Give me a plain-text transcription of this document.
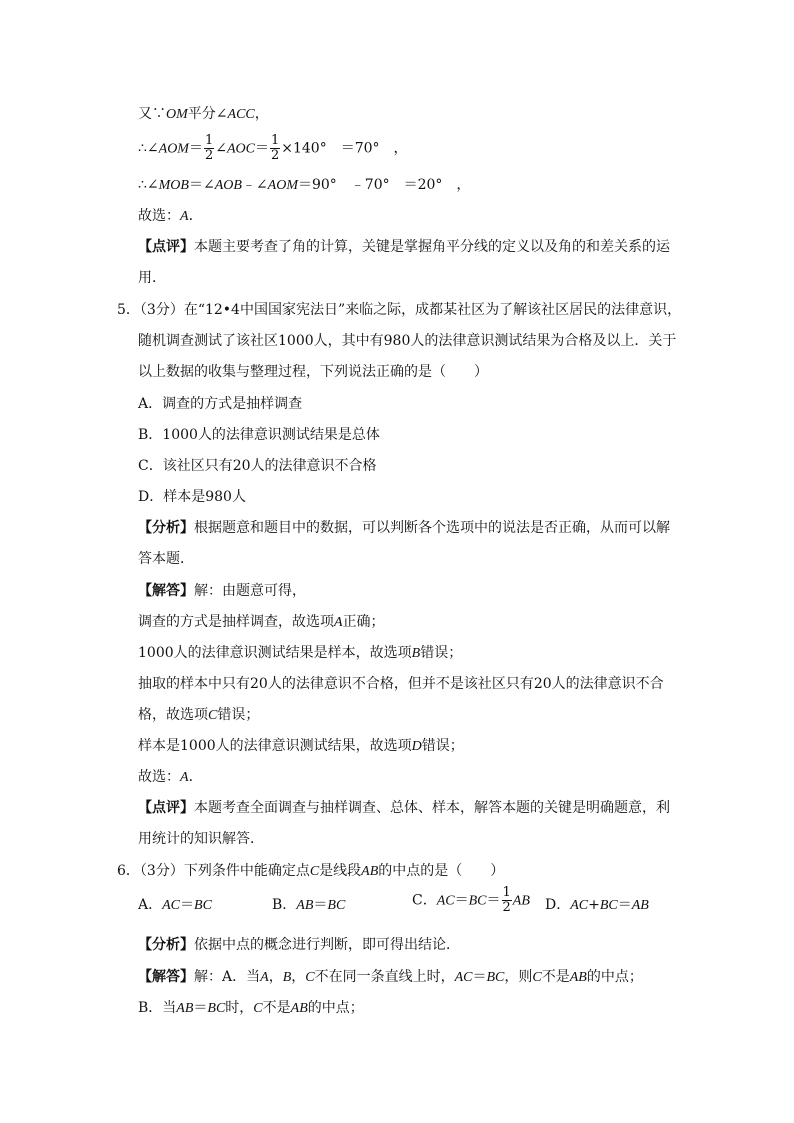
又∵OM平分∠ACC，
∴∠AOM＝ $\frac{1}{2}$ ∠AOC＝ $\frac{1}{2} \times 140^\circ$　＝70°　，
∴∠MOB＝∠AOB﹣∠AOM＝90°　﹣70°　＝20°　，
故选：A．
【点评】本题主要考查了角的计算，关键是掌握角平分线的定义以及角的和差关系的运
用．
5．（3分）在“12•4中国国家宪法日”来临之际，成都某社区为了解该社区居民的法律意识，
随机调查测试了该社区1000人，其中有980人的法律意识测试结果为合格及以上．关于
以上数据的收集与整理过程，下列说法正确的是（　　）
A．调查的方式是抽样调查
B．1000人的法律意识测试结果是总体
C．该社区只有20人的法律意识不合格
D．样本是980人
【分析】根据题意和题目中的数据，可以判断各个选项中的说法是否正确，从而可以解
答本题．
【解答】解：由题意可得，
调查的方式是抽样调查，故选项A正确；
1000人的法律意识测试结果是样本，故选项B错误；
抽取的样本中只有20人的法律意识不合格，但并不是该社区只有20人的法律意识不合
格，故选项C错误；
样本是1000人的法律意识测试结果，故选项D错误；
故选：A．
【点评】本题考查全面调查与抽样调查、总体、样本，解答本题的关键是明确题意，利
用统计的知识解答．
6．（3分）下列条件中能确定点C是线段AB的中点的是（　　）
A．AC＝BC	B．AB＝BC	C．$AC=BC= \frac{1}{2}$ AB D．AC+BC＝AB
【分析】依据中点的概念进行判断，即可得出结论．
【解答】解：A．当A，B，C不在同一条直线上时，AC＝BC，则C不是AB的中点；
B．当AB＝BC时，C不是AB的中点；
